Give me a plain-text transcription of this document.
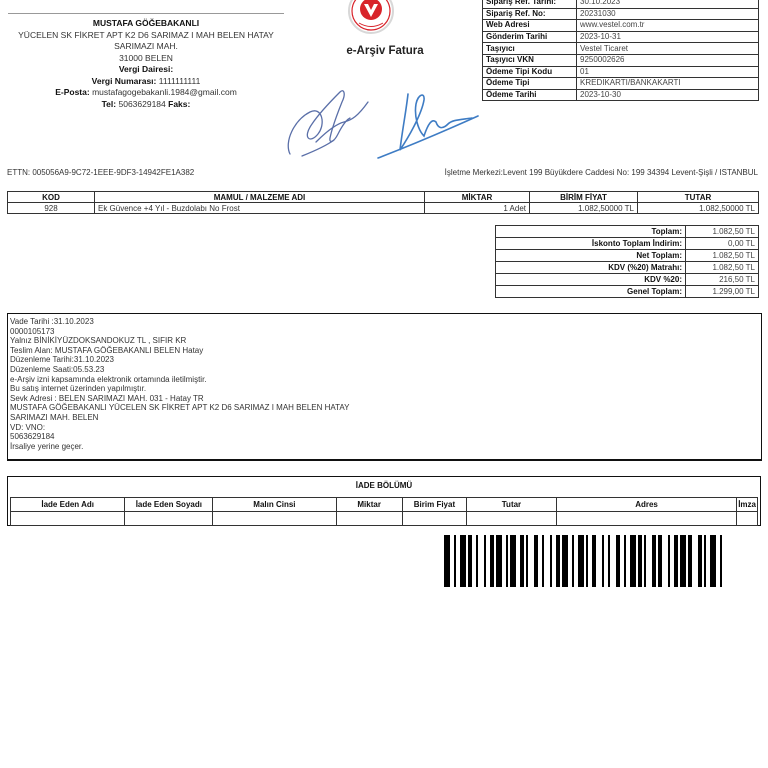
MUSTAFA GÖĞEBAKANLI
YÜCELEN SK FİKRET APT K2 D6 SARIMAZ I MAH BELEN HATAY
SARIMAZI MAH.
31000 BELEN
Vergi Dairesi:
Vergi Numarası: 1111111111
E-Posta: mustafagogebakanli.1984@gmail.com
Tel: 5063629184 Faks:
e-Arşiv Fatura
Sipariş Ref. Tarihi:	30.10.2023
Sipariş Ref. No:	20231030
Web Adresi	www.vestel.com.tr
Gönderim Tarihi	2023-10-31
Taşıyıcı	Vestel Ticaret
Taşıyıcı VKN	9250002626
Ödeme Tipi Kodu	01
Ödeme Tipi	KREDIKARTI/BANKAKARTI
Ödeme Tarihi	2023-10-30
ETTN: 005056A9-9C72-1EEE-9DF3-14942FE1A382	İşletme Merkezi:Levent 199 Büyükdere Caddesi No: 199 34394 Levent-Şişli / ISTANBUL
KOD	MAMUL / MALZEME ADI	MİKTAR	BİRİM FİYAT	TUTAR
928	Ek Güvence +4 Yıl - Buzdolabı No Frost	1 Adet	1.082,50000 TL	1.082,50000 TL
Toplam:	1.082,50 TL
İskonto Toplam İndirim:	0,00 TL
Net Toplam:	1.082,50 TL
KDV (%20) Matrahı:	1.082,50 TL
KDV %20:	216,50 TL
Genel Toplam:	1.299,00 TL
Vade Tarihi :31.10.2023
0000105173
Yalnız BİNİKİYÜZDOKSANDOKUZ TL , SIFIR KR
Teslim Alan: MUSTAFA GÖĞEBAKANLI BELEN Hatay
Düzenleme Tarihi:31.10.2023
Düzenleme Saati:05.53.23
e-Arşiv izni kapsamında elektronik ortamında iletilmiştir.
Bu satış internet üzerinden yapılmıştır.
Sevk Adresi : BELEN SARIMAZI MAH. 031 - Hatay TR
MUSTAFA GÖĞEBAKANLI YÜCELEN SK FİKRET APT K2 D6 SARIMAZ I MAH BELEN HATAY
SARIMAZI MAH. BELEN
VD: VNO:
5063629184
İrsaliye yerine geçer.
İADE BÖLÜMÜ
İade Eden Adı	İade Eden Soyadı	Malın Cinsi	Miktar	Birim Fiyat	Tutar	Adres	İmza
